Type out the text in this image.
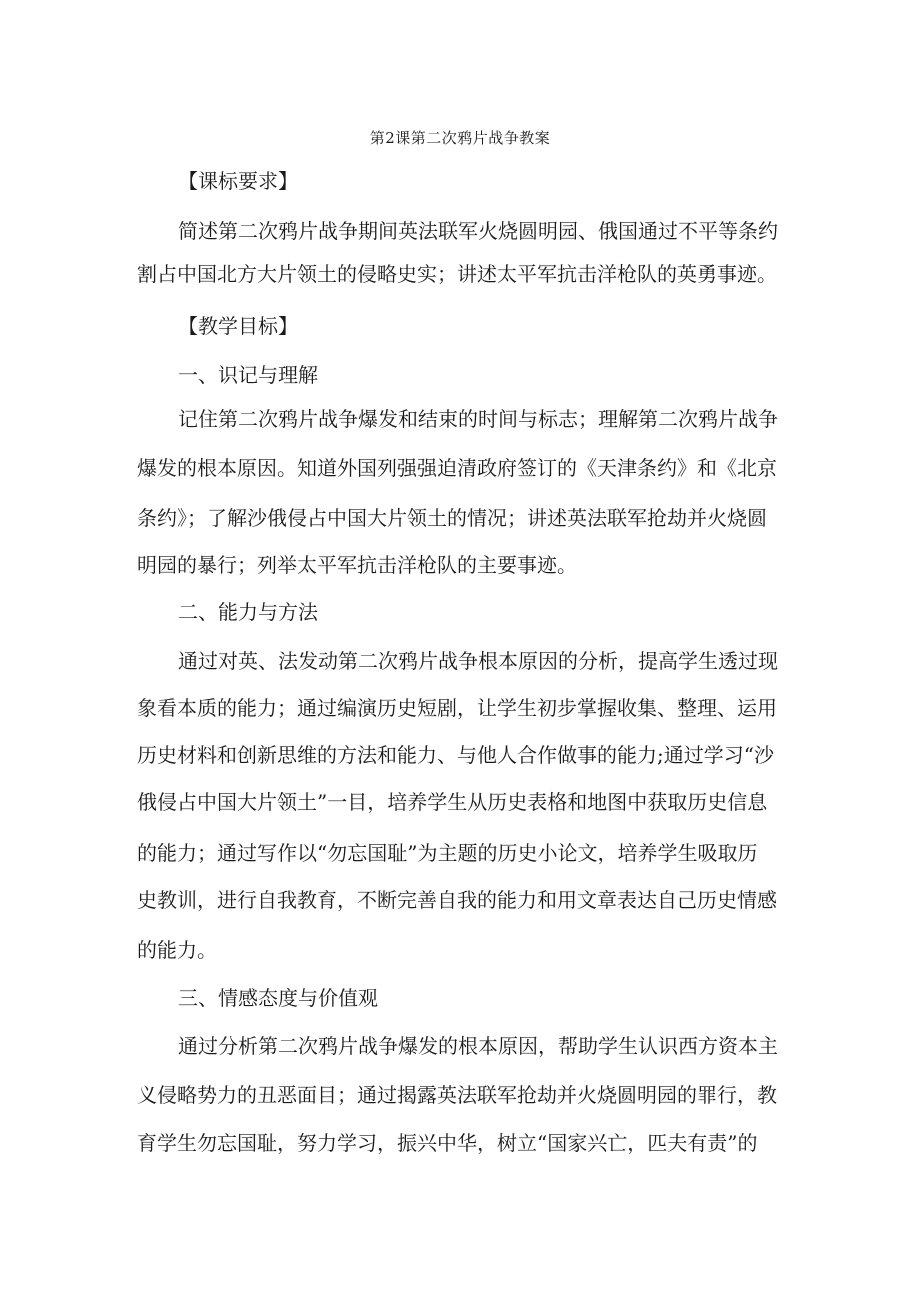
第2课第二次鸦片战争教案
【课标要求】
简述第二次鸦片战争期间英法联军火烧圆明园、俄国通过不平等条约
割占中国北方大片领土的侵略史实；讲述太平军抗击洋枪队的英勇事迹。
【教学目标】
一、识记与理解
记住第二次鸦片战争爆发和结束的时间与标志；理解第二次鸦片战争
爆发的根本原因。知道外国列强强迫清政府签订的《天津条约》和《北京
条约》；了解沙俄侵占中国大片领土的情况；讲述英法联军抢劫并火烧圆
明园的暴行；列举太平军抗击洋枪队的主要事迹。
二、能力与方法
通过对英、法发动第二次鸦片战争根本原因的分析，提高学生透过现
象看本质的能力；通过编演历史短剧，让学生初步掌握收集、整理、运用
历史材料和创新思维的方法和能力、与他人合作做事的能力;通过学习“沙
俄侵占中国大片领土”一目，培养学生从历史表格和地图中获取历史信息
的能力；通过写作以“勿忘国耻”为主题的历史小论文，培养学生吸取历
史教训，进行自我教育，不断完善自我的能力和用文章表达自己历史情感
的能力。
三、情感态度与价值观
通过分析第二次鸦片战争爆发的根本原因，帮助学生认识西方资本主
义侵略势力的丑恶面目；通过揭露英法联军抢劫并火烧圆明园的罪行，教
育学生勿忘国耻，努力学习，振兴中华，树立“国家兴亡，匹夫有责”的
